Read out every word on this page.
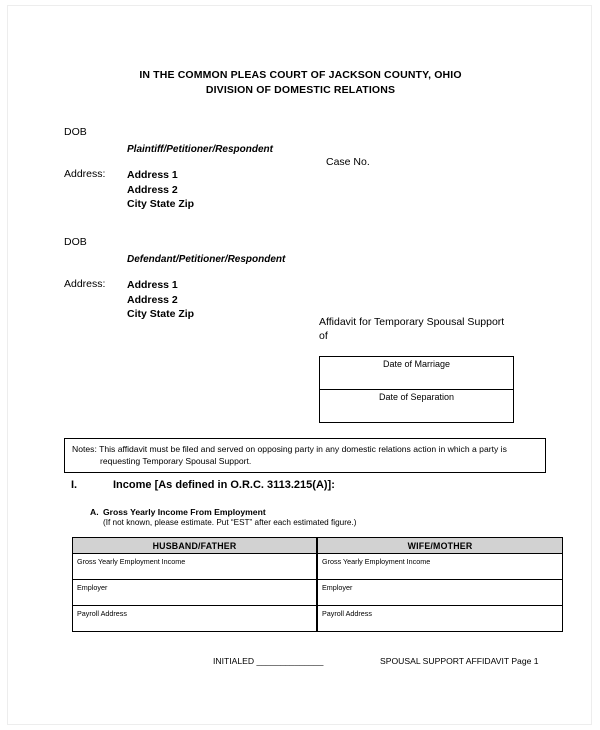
IN THE COMMON PLEAS COURT OF JACKSON COUNTY, OHIO
DIVISION OF DOMESTIC RELATIONS
DOB
Plaintiff/Petitioner/Respondent
Address: Address 1
Address 2
City State Zip
Case No.
DOB
Defendant/Petitioner/Respondent
Address: Address 1
Address 2
City State Zip
Affidavit for Temporary Spousal Support
of
Date of Marriage
Date of Separation
Notes: This affidavit must be filed and served on opposing party in any domestic relations action in which a party is
requesting Temporary Spousal Support.
I.	Income [As defined in O.R.C. 3113.215(A)]:
A. Gross Yearly Income From Employment
(If not known, please estimate. Put “EST” after each estimated figure.)
HUSBAND/FATHER	WIFE/MOTHER
Gross Yearly Employment Income	Gross Yearly Employment Income
Employer	Employer
Payroll Address	Payroll Address
INITIALED ______________	SPOUSAL SUPPORT AFFIDAVIT Page 1
